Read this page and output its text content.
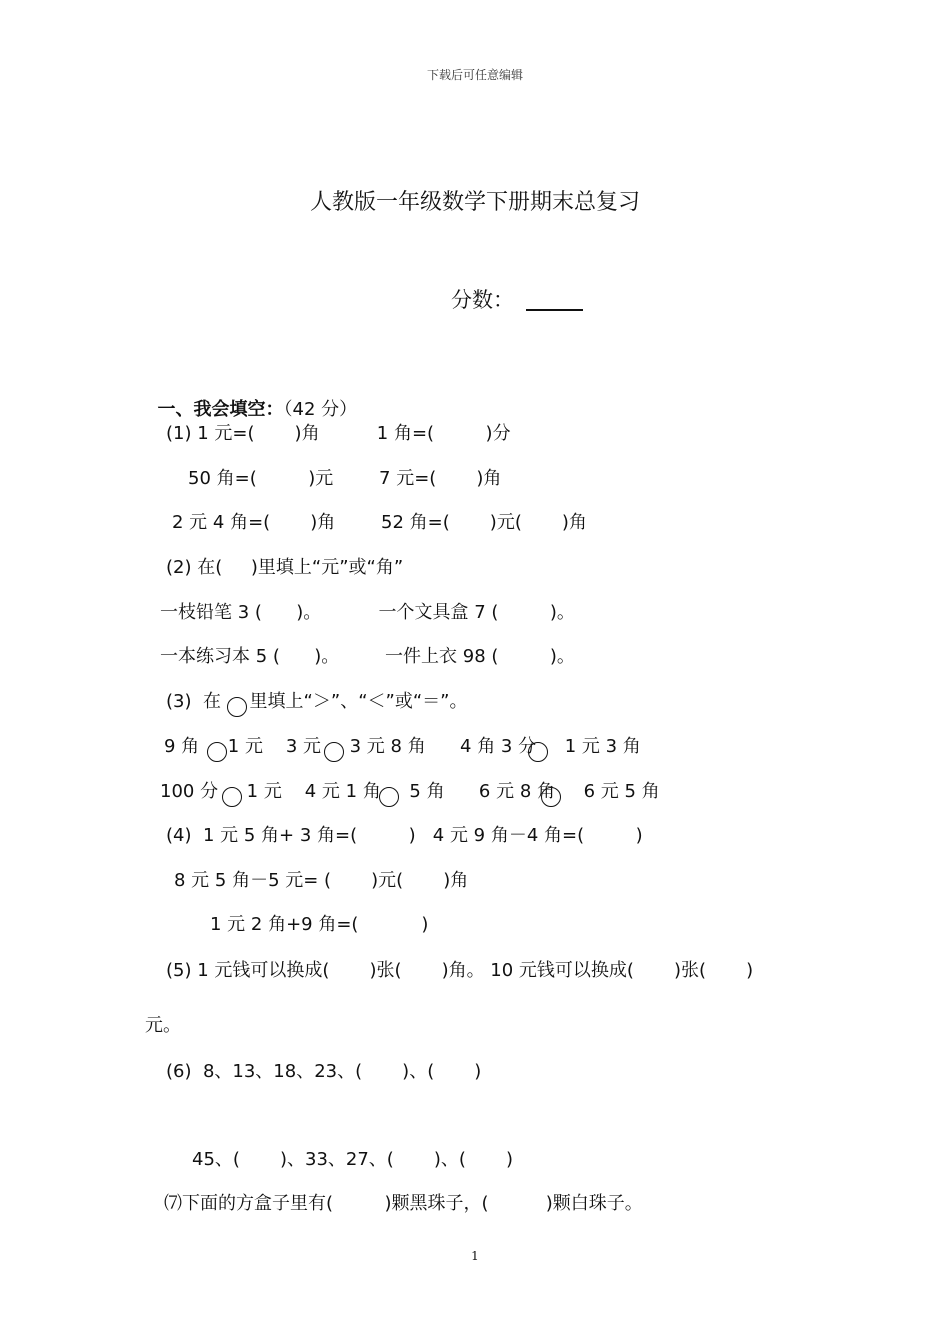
下载后可任意编辑
人教版一年级数学下册期末总复习
分数：

一、我会填空：（42 分）

(1) 1 元=(       )角          1 角=(         )分
50 角=(         )元        7 元=(       )角
2 元 4 角=(       )角        52 角=(       )元(       )角
(2) 在(     )里填上“元”或“角”
一枝铅笔 3 (      )。          一个文具盒 7 (         )。
一本练习本 5 (      )。        一件上衣 98 (         )。
(3)  在     里填上“＞”、“＜”或“＝”。
9 角     1 元    3 元     3 元 8 角      4 角 3 分     1 元 3 角
100 分     1 元    4 元 1 角     5 角      6 元 8 角     6 元 5 角
(4)  1 元 5 角+ 3 角=(         )   4 元 9 角－4 角=(         )
8 元 5 角－5 元= (       )元(       )角
1 元 2 角+9 角=(           )
(5) 1 元钱可以换成(       )张(       )角。 10 元钱可以换成(       )张(       )
元。
(6)  8、13、18、23、(       )、(       )
45、(       )、33、27、(       )、(       )
⑺下面的方盒子里有(         )颗黑珠子，(          )颗白珠子。
1
